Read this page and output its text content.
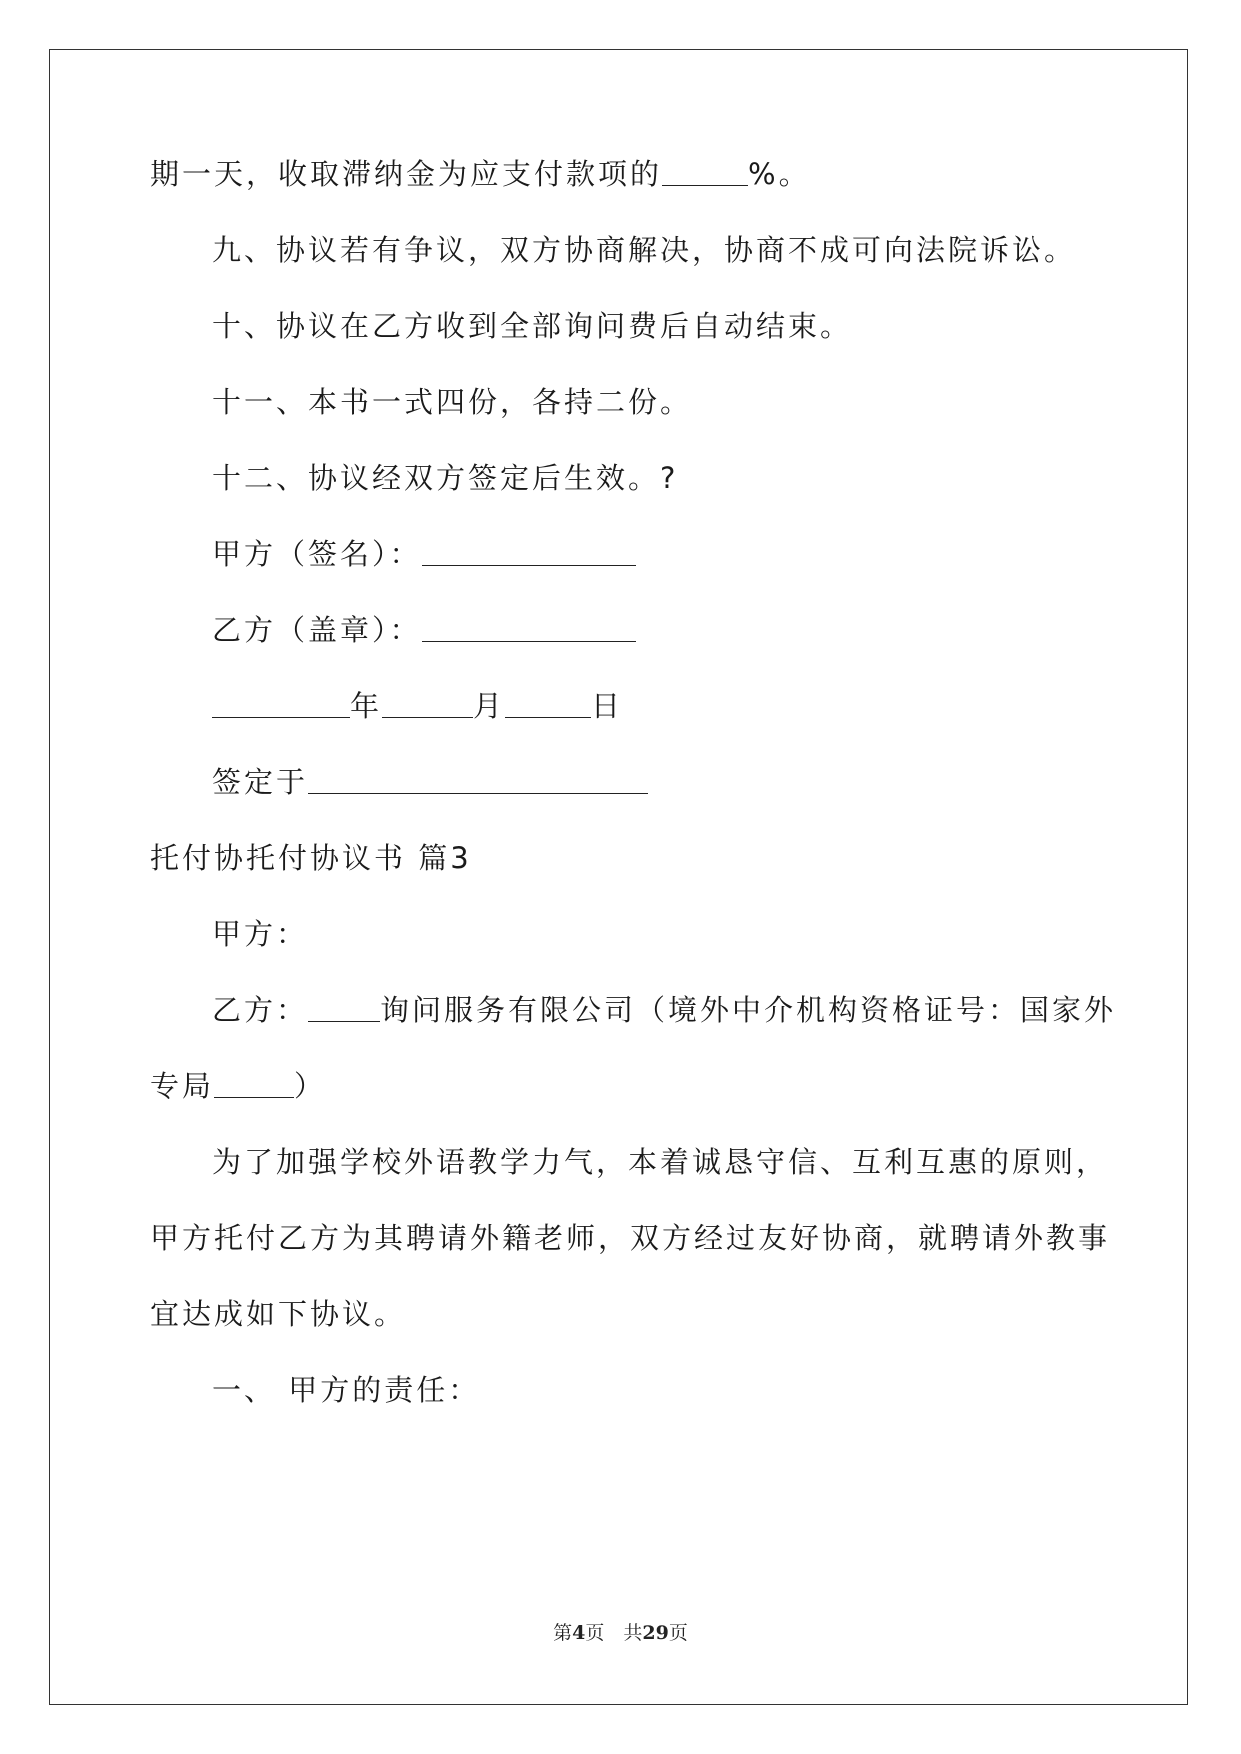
期一天，收取滞纳金为应支付款项的	%。
九、协议若有争议，双方协商解决，协商不成可向法院诉讼。
十、协议在乙方收到全部询问费后自动结束。
十一、本书一式四份，各持二份。
十二、协议经双方签定后生效。?
甲方（签名）：
乙方（盖章）：
年	月	日
签定于
托付协托付协议书 篇3
甲方：
乙方： 询问服务有限公司（境外中介机构资格证号：国家外
专局	）
为了加强学校外语教学力气，本着诚恳守信、互利互惠的原则，
甲方托付乙方为其聘请外籍老师，双方经过友好协商，就聘请外教事
宜达成如下协议。
一、 甲方的责任：
第4页　共29页
